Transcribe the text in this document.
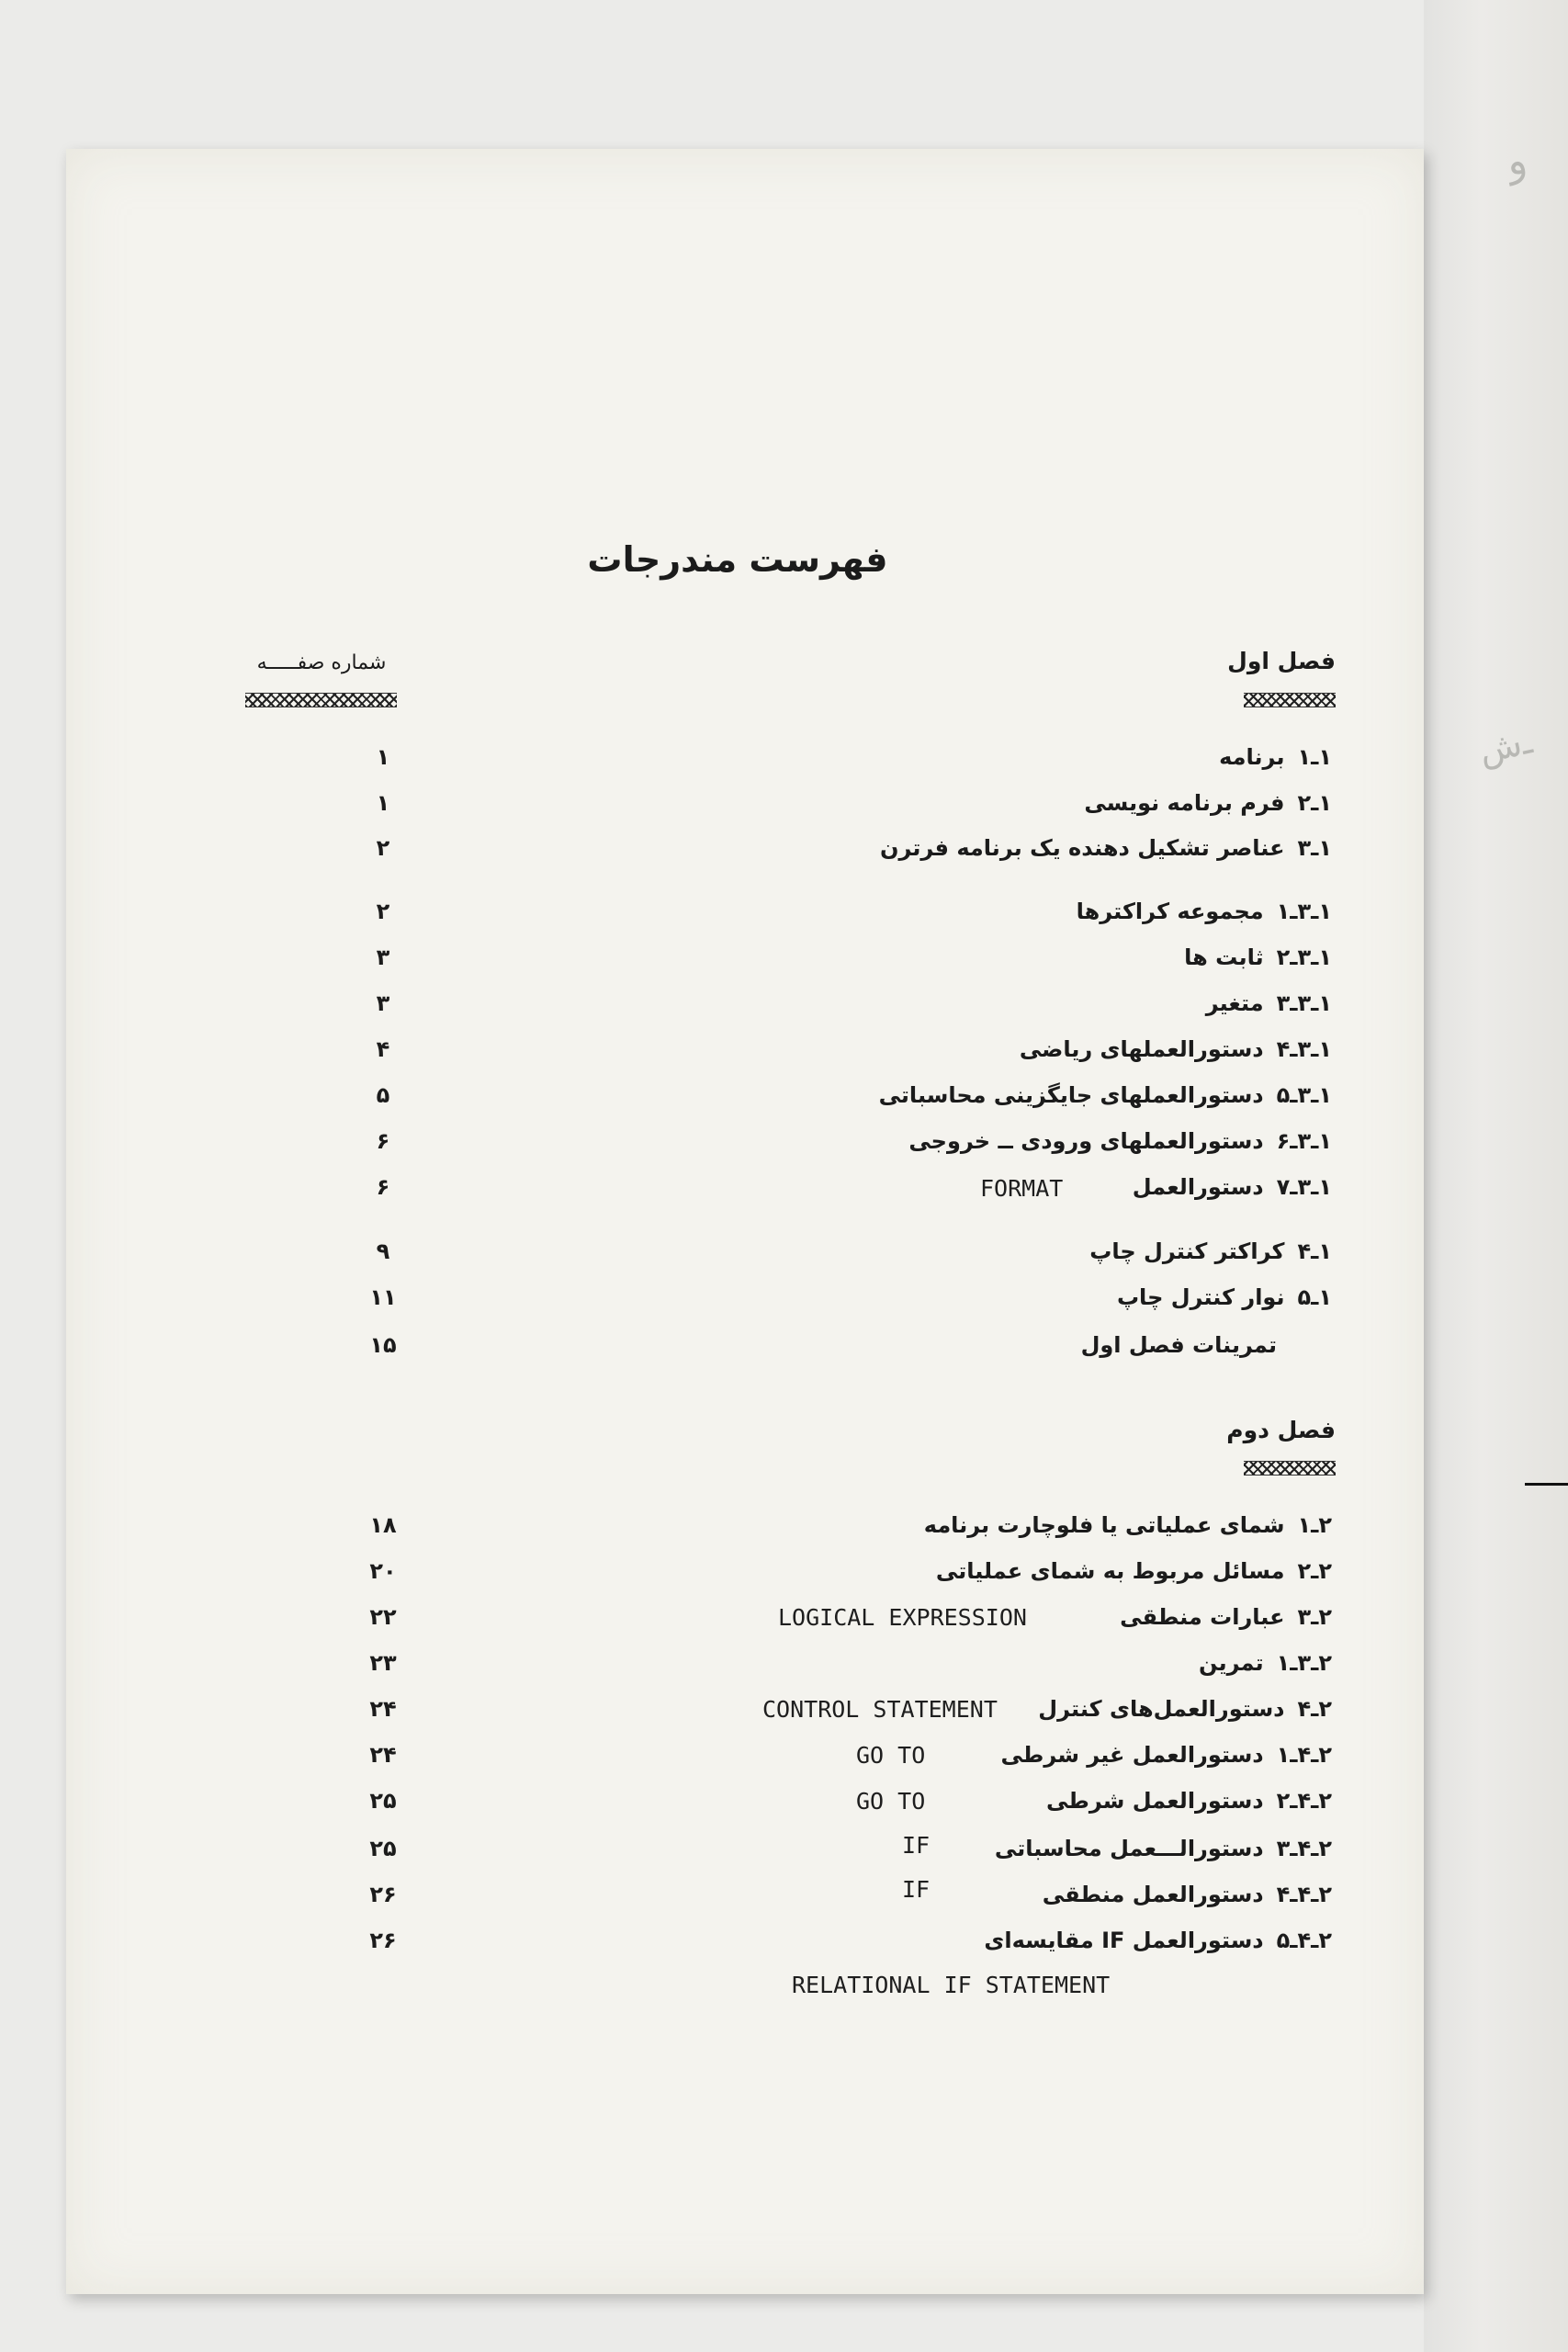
و
ـﺵ
فهرست مندرجات
فصل اول
شماره صفـــــه
۱ـ۱برنامه
۱
۱ـ۲فرم برنامه نویسی
۱
۱ـ۳عناصر تشکیل دهنده یک برنامه فرترن
۲
۱ـ۳ـ۱مجموعه کراکترها
۲
۱ـ۳ـ۲ثابت ها
۳
۱ـ۳ـ۳متغیر
۳
۱ـ۳ـ۴دستورالعملهای ریاضی
۴
۱ـ۳ـ۵دستورالعملهای جایگزینی محاسباتی
۵
۱ـ۳ـ۶دستورالعملهای ورودی ــ خروجی
۶
۱ـ۳ـ۷دستورالعمل
FORMAT
۶
۱ـ۴کراکتر کنترل چاپ
۹
۱ـ۵نوار کنترل چاپ
۱۱
تمرینات فصل اول
۱۵
فصل دوم
۲ـ۱شمای عملیاتی یا فلوچارت برنامه
۱۸
۲ـ۲مسائل مربوط به شمای عملیاتی
۲۰
۲ـ۳عبارات منطقی
LOGICAL EXPRESSION
۲۲
۲ـ۳ـ۱تمرین
۲۳
۲ـ۴دستورالعمل‌های کنترل
CONTROL STATEMENT
۲۴
۲ـ۴ـ۱دستورالعمل غیر شرطی
GO TO
۲۴
۲ـ۴ـ۲دستورالعمل شرطی
GO TO
۲۵
۲ـ۴ـ۳دستورالـــعمل محاسباتی
IF
۲۵
۲ـ۴ـ۴دستورالعمل منطقی
IF
۲۶
۲ـ۴ـ۵دستورالعمل IF مقایسه‌ای
۲۶
RELATIONAL IF STATEMENT
